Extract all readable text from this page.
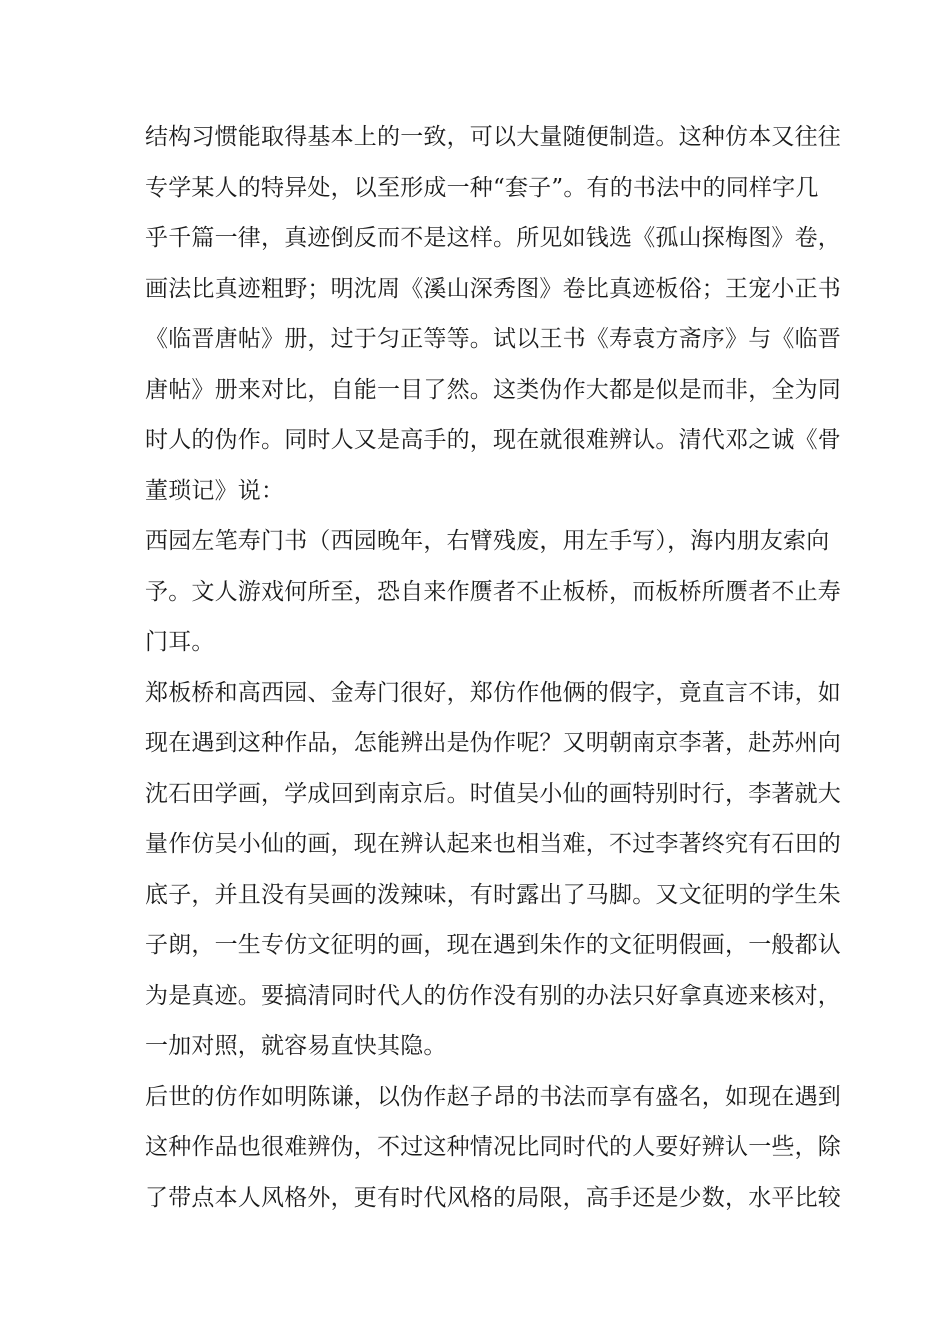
结构习惯能取得基本上的一致，可以大量随便制造。这种仿本又往往
专学某人的特异处，以至形成一种“套子”。有的书法中的同样字几
乎千篇一律，真迹倒反而不是这样。所见如钱选《孤山探梅图》卷，
画法比真迹粗野；明沈周《溪山深秀图》卷比真迹板俗；王宠小正书
《临晋唐帖》册，过于匀正等等。试以王书《寿袁方斋序》与《临晋
唐帖》册来对比，自能一目了然。这类伪作大都是似是而非，全为同
时人的伪作。同时人又是高手的，现在就很难辨认。清代邓之诚《骨
董琐记》说：
西园左笔寿门书（西园晚年，右臂残废，用左手写），海内朋友索向
予。文人游戏何所至，恐自来作赝者不止板桥，而板桥所赝者不止寿
门耳。
郑板桥和高西园、金寿门很好，郑仿作他俩的假字，竟直言不讳，如
现在遇到这种作品，怎能辨出是伪作呢？又明朝南京李著，赴苏州向
沈石田学画，学成回到南京后。时值吴小仙的画特别时行，李著就大
量作仿吴小仙的画，现在辨认起来也相当难，不过李著终究有石田的
底子，并且没有吴画的泼辣味，有时露出了马脚。又文征明的学生朱
子朗，一生专仿文征明的画，现在遇到朱作的文征明假画，一般都认
为是真迹。要搞清同时代人的仿作没有别的办法只好拿真迹来核对，
一加对照，就容易直快其隐。
后世的仿作如明陈谦，以伪作赵子昂的书法而享有盛名，如现在遇到
这种作品也很难辨伪，不过这种情况比同时代的人要好辨认一些，除
了带点本人风格外，更有时代风格的局限，高手还是少数，水平比较
